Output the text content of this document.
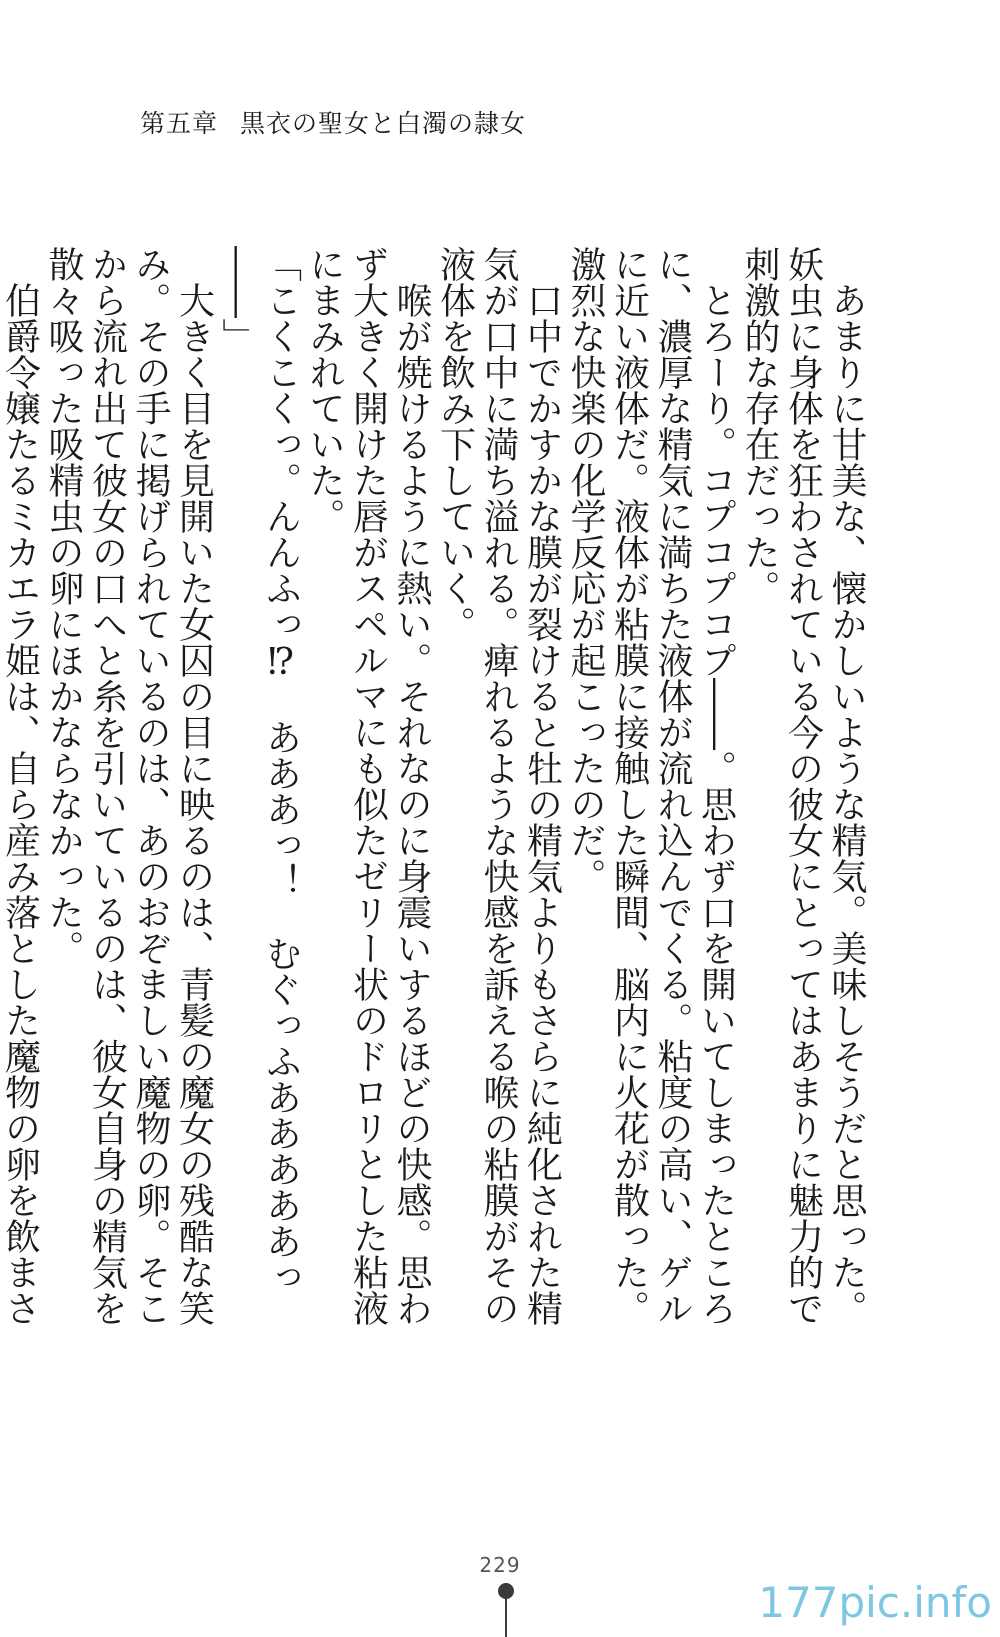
第五章 黒衣の聖女と白濁の隷女

あまりに甘美な、懐かしいような精気。美味しそうだと思った。妖虫に身体を狂わされている今の彼女にとってはあまりに魅力的で刺激的な存在だった。

とろーり。コプコプコプ――。思わず口を開いてしまったところに、濃厚な精気に満ちた液体が流れ込んでくる。粘度の高い、ゲルに近い液体だ。液体が粘膜に接触した瞬間、脳内に火花が散った。激烈な快楽の化学反応が起こったのだ。

口中でかすかな膜が裂けると牡の精気よりもさらに純化された精気が口中に満ち溢れる。痺れるような快感を訴える喉の粘膜がその液体を飲み下していく。

喉が焼けるように熱い。それなのに身震いするほどの快感。思わず大きく開けた唇がスペルマにも似たゼリー状のドロリとした粘液にまみれていた。

「こくこくっ。んんふっ⁉　あああっ！　むぐっふあああああっ――」

大きく目を見開いた女囚の目に映るのは、青髪の魔女の残酷な笑み。その手に掲げられているのは、あのおぞましい魔物の卵。そこから流れ出て彼女の口へと糸を引いているのは、彼女自身の精気を散々吸った吸精虫の卵にほかならなかった。

伯爵令嬢たるミカエラ姫は、自ら産み落とした魔物の卵を飲まさ

229
177pic.info
